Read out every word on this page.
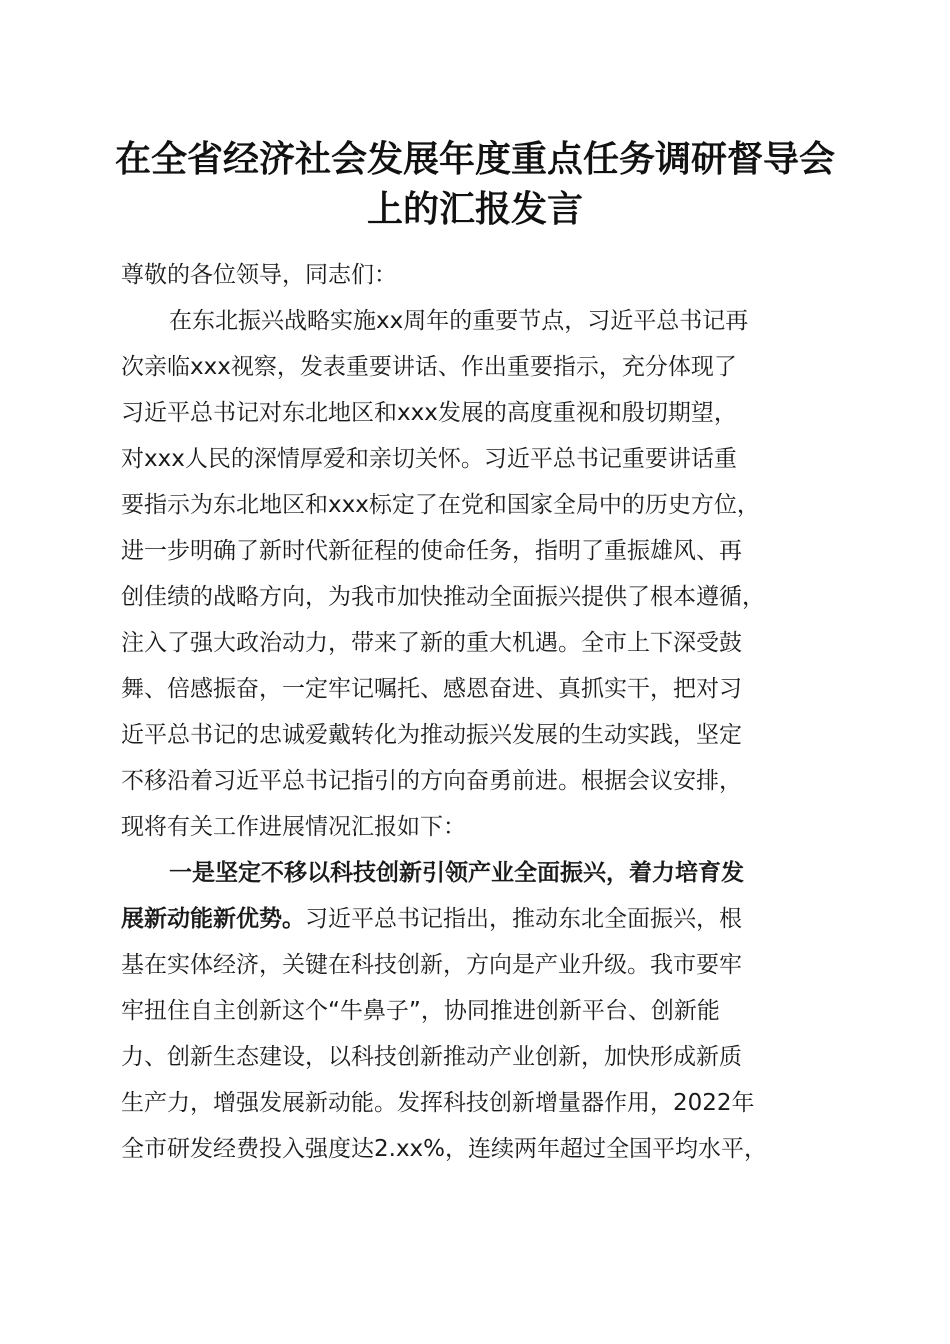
在全省经济社会发展年度重点任务调研督导会
上的汇报发言
尊敬的各位领导，同志们：
在东北振兴战略实施xx周年的重要节点，习近平总书记再
次亲临xxx视察，发表重要讲话、作出重要指示，充分体现了
习近平总书记对东北地区和xxx发展的高度重视和殷切期望，
对xxx人民的深情厚爱和亲切关怀。习近平总书记重要讲话重
要指示为东北地区和xxx标定了在党和国家全局中的历史方位，
进一步明确了新时代新征程的使命任务，指明了重振雄风、再
创佳绩的战略方向，为我市加快推动全面振兴提供了根本遵循，
注入了强大政治动力，带来了新的重大机遇。全市上下深受鼓
舞、倍感振奋，一定牢记嘱托、感恩奋进、真抓实干，把对习
近平总书记的忠诚爱戴转化为推动振兴发展的生动实践，坚定
不移沿着习近平总书记指引的方向奋勇前进。根据会议安排，
现将有关工作进展情况汇报如下：
一是坚定不移以科技创新引领产业全面振兴，着力培育发
展新动能新优势。习近平总书记指出，推动东北全面振兴，根
基在实体经济，关键在科技创新，方向是产业升级。我市要牢
牢扭住自主创新这个“牛鼻子”，协同推进创新平台、创新能
力、创新生态建设，以科技创新推动产业创新，加快形成新质
生产力，增强发展新动能。发挥科技创新增量器作用，2022年
全市研发经费投入强度达2.xx%，连续两年超过全国平均水平，
